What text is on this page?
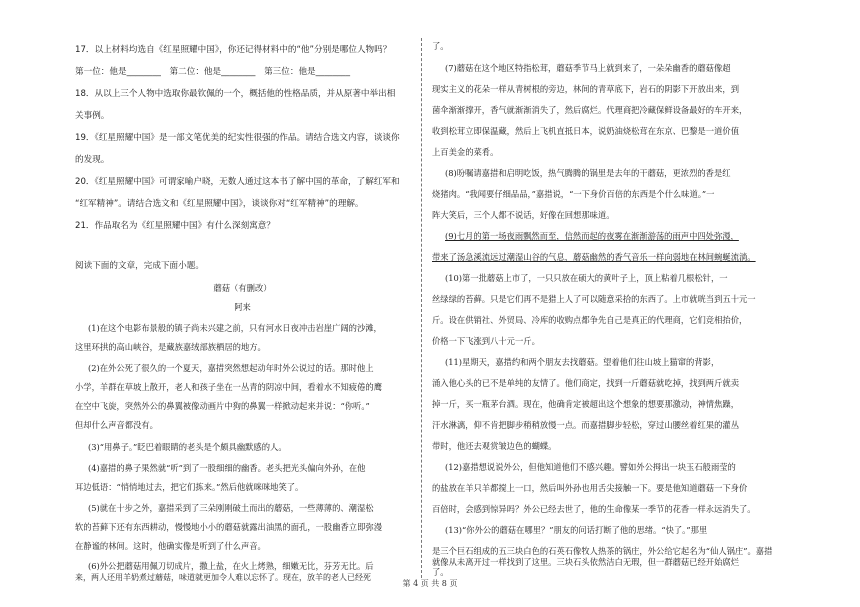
17．以上材料均选自《红星照耀中国》，你还记得材料中的“他”分别是哪位人物吗？
第一位：他是________　第二位：他是________　第三位：他是________
18．从以上三个人物中选取你最钦佩的一个，概括他的性格品质，并从原著中举出相
关事例。
19．《红星照耀中国》是一部文笔优美的纪实性很强的作品。请结合选文内容，谈谈你
的发现。
20．《红星照耀中国》可谓家喻户晓，无数人通过这本书了解中国的革命，了解红军和
“红军精神”。请结合选文和《红星照耀中国》，谈谈你对“红军精神”的理解。
21．作品取名为《红星照耀中国》有什么深刻寓意？
阅读下面的文章，完成下面小题。
蘑菇（有删改）
阿来
(1)在这个电影布景般的镇子尚未兴建之前，只有河水日夜冲击岩崖广阔的沙滩，
这里环拱的高山峡谷，是藏族嘉绒部族栖居的地方。
(2)在外公死了很久的一个夏天，嘉措突然想起动年时外公说过的话。那时他上
小学，羊群在草坡上散开，老人和孩子坐在一丛青的阴凉中间，看着水不知疲倦的鹰
在空中飞旋，突然外公的鼻翼被像动画片中狗的鼻翼一样掀动起来并说：“你听。”
但却什么声音都没有。
(3)“用鼻子。”眨巴着眼睛的老头是个颇具幽默感的人。
(4)嘉措的鼻子果然就“听”到了一股细细的幽香。老头把光头偏向外孙，在他
耳边低语：“悄悄地过去，把它们拣来。”然后他就咪咪地笑了。
(5)就在十步之外，嘉措采到了三朵刚刚破土而出的蘑菇，一些薄薄的、潮湿松
软的苔藓下还有东西耕动，慢慢地小小的蘑菇就露出油黑的面孔，一股幽香立即弥漫
在静谧的林间。这时，他确实像是听到了什么声音。
(6)外公把蘑菇用佩刀切成片，撒上盐，在火上烤熟，细嫩无比，芬芳无比。后
来，两人还用羊奶煮过蘑菇，味道就更加令人难以忘怀了。现在，放羊的老人已经死
了。
(7)蘑菇在这个地区特指松茸，蘑菇季节马上就到来了，一朵朵幽香的蘑菇像超
现实主义的花朵一样从青树根的旁边，林间的青草底下，岩石的阴影下开放出来，到
菌伞渐渐撑开，香气就渐渐消失了，然后腐烂。代理商把冷藏保鲜设备最好的车开来，
收到松茸立即保温藏，然后上飞机直抵日本，说奶油烧松茸在东京、巴黎是一道价值
上百美金的菜肴。
(8)吩嘱请嘉措和启明吃饭，热气腾腾的锅里是去年的干蘑菇，更浓烈的香是红
烧猪肉。“我闻要仔细品品，”嘉措说，“一下身价百倍的东西是个什么味道。”一
阵大笑后，三个人都不说话，好像在回想那味道。
(9)七月的第一场夜雨飘然而至，信然而起的夜雾在渐渐游荡的雨声中四处弥漫，
带来了汤急溪流远过潮湿山谷的气息，蘑菇幽然的香气音乐一样向弱地在林间蜿蜒流淌。
(10)第一批蘑菇上市了，一只只放在硕大的黄叶子上，顶上粘着几根松针，一
丝绿绿的苔藓。只是它们再不是猎上人了可以随意采拾的东西了。上市就咣当到五十元一
斤。设在供销社、外贸局、冷库的收购点都争先自己是真正的代理商，它们竞相抬价，
价格一下飞涨到八十元一斤。
(11)星期天，嘉措约和两个朋友去找蘑菇。望着他们往山坡上猫窜的背影，
涌入他心头的已不是单纯的友情了。他们商定，找到一斤蘑菇就吃掉，找到两斤就卖
掉一斤，买一瓶茅台酒。现在，他确肯定被超出这个想象的想要那激动，神情焦躁，
汗水淋漓，仰不肯把脚步稍稍放慢一点。而嘉措脚步轻松，穿过山腰丝着红果的灌丛
带时，他还去观赏皱边色的蝴蝶。
(12)嘉措想说说外公，但他知道他们不感兴趣。譬如外公拇出一块玉石般雨莹的
的盐放在羊只羊都搅上一口，然后叫外孙也用舌尖接触一下。要是他知道蘑菇一下身价
百倍时，会感到惊异吗？外公已经去世了，他的生命像某一季节的花香一样永远消失了。
(13)“你外公的蘑菇在哪里？”朋友的问话打断了他的思绪。“快了。”那里
是三个巨石组成的五三块白色的石英石像牧人热茶的锅庄，外公给它起名为“仙人锅庄”。嘉措
就像从未离开过一样找到了这里。三块石头依然洁白无瑕，但一群蘑菇已经开始腐烂
了。
第 4 页 共 8 页
